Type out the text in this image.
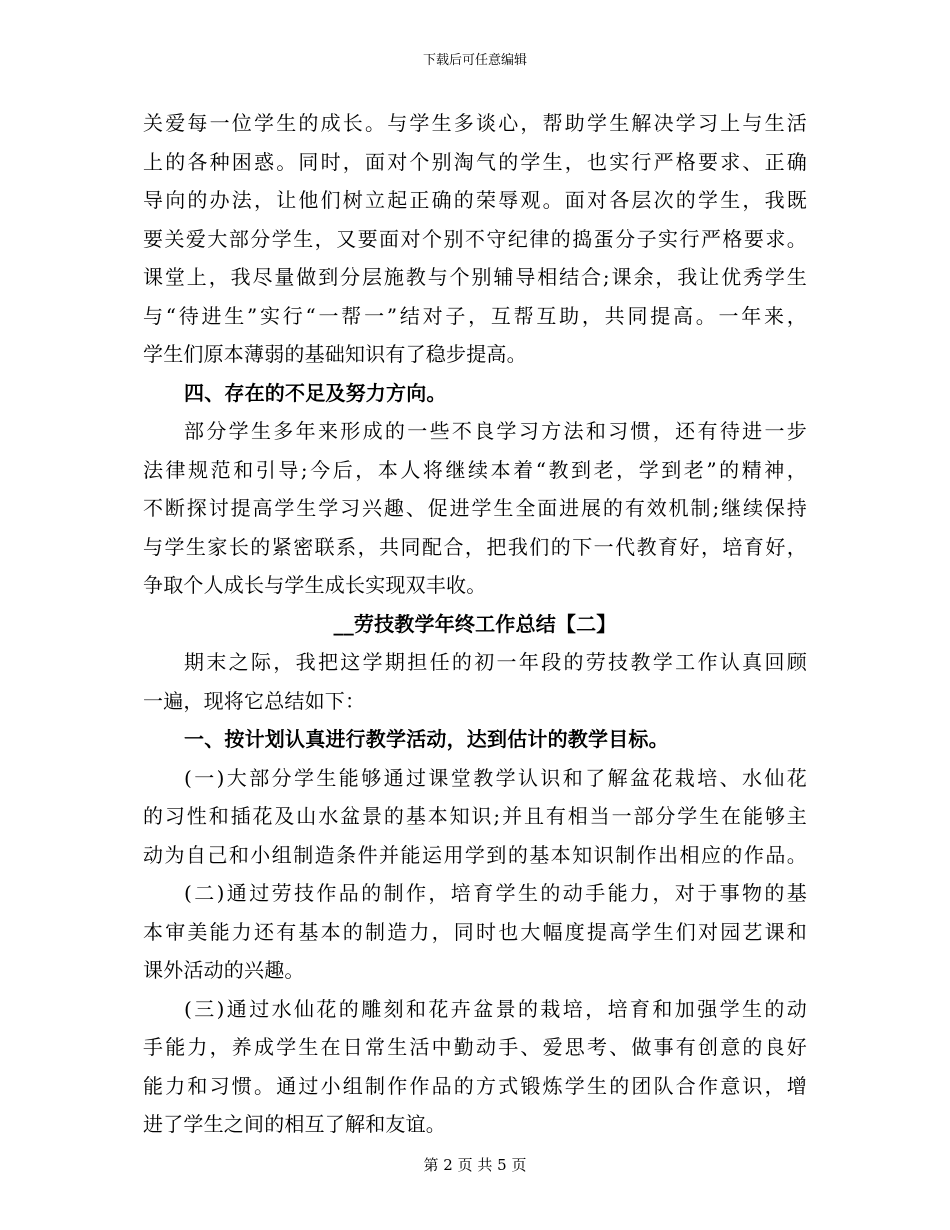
下载后可任意编辑
关爱每一位学生的成长。与学生多谈心，帮助学生解决学习上与生活
上的各种困惑。同时，面对个别淘气的学生，也实行严格要求、正确
导向的办法，让他们树立起正确的荣辱观。面对各层次的学生，我既
要关爱大部分学生，又要面对个别不守纪律的捣蛋分子实行严格要求。
课堂上，我尽量做到分层施教与个别辅导相结合;课余，我让优秀学生
与“待进生”实行“一帮一”结对子，互帮互助，共同提高。一年来，
学生们原本薄弱的基础知识有了稳步提高。
四、存在的不足及努力方向。
部分学生多年来形成的一些不良学习方法和习惯，还有待进一步
法律规范和引导;今后，本人将继续本着“教到老，学到老”的精神，
不断探讨提高学生学习兴趣、促进学生全面进展的有效机制;继续保持
与学生家长的紧密联系，共同配合，把我们的下一代教育好，培育好，
争取个人成长与学生成长实现双丰收。
__劳技教学年终工作总结【二】
期末之际，我把这学期担任的初一年段的劳技教学工作认真回顾
一遍，现将它总结如下：
一、按计划认真进行教学活动，达到估计的教学目标。
(一)大部分学生能够通过课堂教学认识和了解盆花栽培、水仙花
的习性和插花及山水盆景的基本知识;并且有相当一部分学生在能够主
动为自己和小组制造条件并能运用学到的基本知识制作出相应的作品。
(二)通过劳技作品的制作，培育学生的动手能力，对于事物的基
本审美能力还有基本的制造力，同时也大幅度提高学生们对园艺课和
课外活动的兴趣。
(三)通过水仙花的雕刻和花卉盆景的栽培，培育和加强学生的动
手能力，养成学生在日常生活中勤动手、爱思考、做事有创意的良好
能力和习惯。通过小组制作作品的方式锻炼学生的团队合作意识，增
进了学生之间的相互了解和友谊。
第 2 页 共 5 页
